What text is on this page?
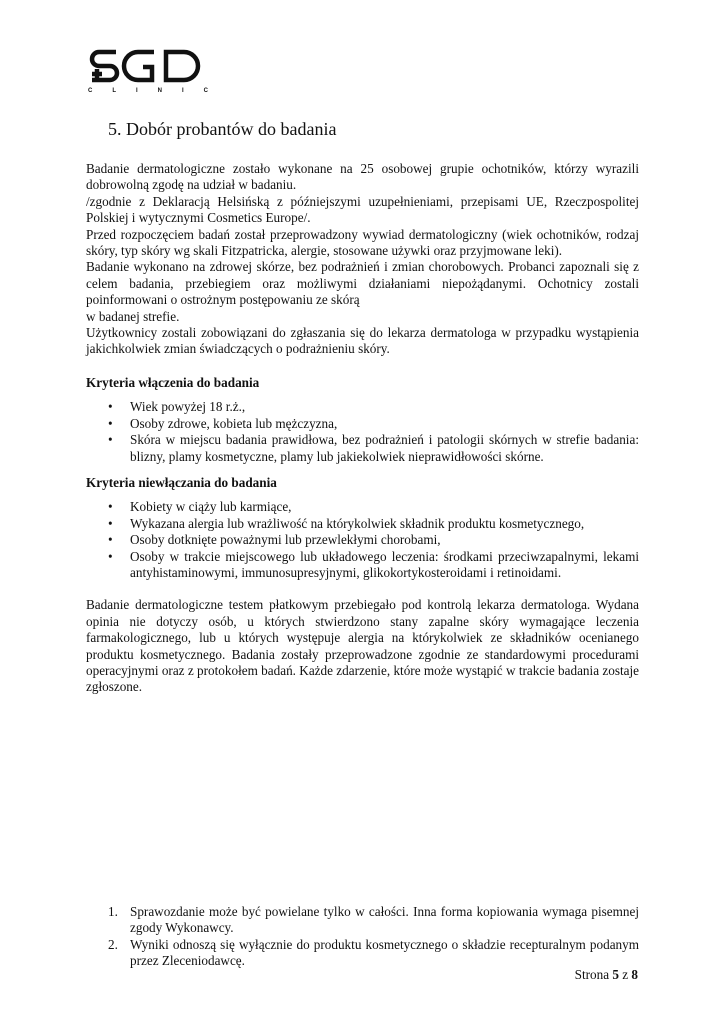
CLINIC
5. Dobór probantów do badania

Badanie dermatologiczne zostało wykonane na 25 osobowej grupie ochotników, którzy wyrazili dobrowolną zgodę na udział w badaniu.

/zgodnie z Deklaracją Helsińską z późniejszymi uzupełnieniami, przepisami UE, Rzeczpospolitej Polskiej i wytycznymi Cosmetics Europe/.

Przed rozpoczęciem badań został przeprowadzony wywiad dermatologiczny (wiek ochotników, rodzaj skóry, typ skóry wg skali Fitzpatricka, alergie, stosowane używki oraz przyjmowane leki).

Badanie wykonano na zdrowej skórze, bez podrażnień i zmian chorobowych. Probanci zapoznali się z celem badania, przebiegiem oraz możliwymi działaniami niepożądanymi. Ochotnicy zostali poinformowani o ostrożnym postępowaniu ze skórą

w badanej strefie.

Użytkownicy zostali zobowiązani do zgłaszania się do lekarza dermatologa w przypadku wystąpienia jakichkolwiek zmian świadczących o podrażnieniu skóry.

Kryteria włączenia do badania

• Wiek powyżej 18 r.ż.,
• Osoby zdrowe, kobieta lub mężczyzna,
• Skóra w miejscu badania prawidłowa, bez podrażnień i patologii skórnych w strefie badania: blizny, plamy kosmetyczne, plamy lub jakiekolwiek nieprawidłowości skórne.

Kryteria niewłączania do badania

• Kobiety w ciąży lub karmiące,
• Wykazana alergia lub wrażliwość na którykolwiek składnik produktu kosmetycznego,
• Osoby dotknięte poważnymi lub przewlekłymi chorobami,
• Osoby w trakcie miejscowego lub układowego leczenia: środkami przeciwzapalnymi, lekami antyhistaminowymi, immunosupresyjnymi, glikokortykosteroidami i retinoidami.

Badanie dermatologiczne testem płatkowym przebiegało pod kontrolą lekarza dermatologa. Wydana opinia nie dotyczy osób, u których stwierdzono stany zapalne skóry wymagające leczenia farmakologicznego, lub u których występuje alergia na którykolwiek ze składników ocenianego produktu kosmetycznego. Badania zostały przeprowadzone zgodnie ze standardowymi procedurami operacyjnymi oraz z protokołem badań. Każde zdarzenie, które może wystąpić w trakcie badania zostaje zgłoszone.

1. Sprawozdanie może być powielane tylko w całości. Inna forma kopiowania wymaga pisemnej zgody Wykonawcy.
2. Wyniki odnoszą się wyłącznie do produktu kosmetycznego o składzie recepturalnym podanym przez Zleceniodawcę.
Strona 5 z 8
